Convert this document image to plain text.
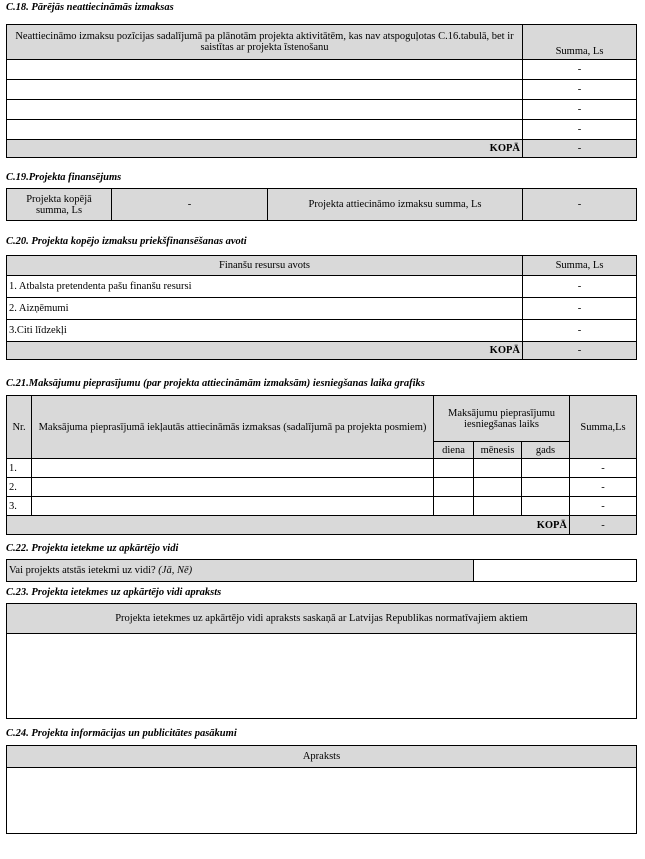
C.18. Pārējās neattiecināmās izmaksas
Neattiecināmo izmaksu pozīcijas sadalījumā pa plānotām projekta aktivitātēm, kas nav atspoguļotas C.16.tabulā, bet ir saistītas ar projekta īstenošanu	Summa, Ls
	-
	-
	-
	-
KOPĀ	-
C.19.Projekta finansējums
Projekta kopējā summa, Ls	-	Projekta attiecināmo izmaksu summa, Ls	-
C.20. Projekta kopējo izmaksu priekšfinansēšanas avoti
Finanšu resursu avots	Summa, Ls
1. Atbalsta pretendenta pašu finanšu resursi	-
2. Aizņēmumi	-
3.Citi līdzekļi	-
KOPĀ	-
C.21.Maksājumu pieprasījumu (par projekta attiecināmām izmaksām) iesniegšanas laika grafiks
Nr.	Maksājuma pieprasījumā iekļautās attiecināmās izmaksas (sadalījumā pa projekta posmiem)	Maksājumu pieprasījumu iesniegšanas laiks			Summa,Ls
		diena	mēnesis	gads	
1.					-
2.					-
3.					-
KOPĀ					-
C.22. Projekta ietekme uz apkārtējo vidi
Vai projekts atstās ietekmi uz vidi? (Jā, Nē)	
C.23. Projekta ietekmes uz apkārtējo vidi apraksts
Projekta ietekmes uz apkārtējo vidi apraksts saskaņā ar Latvijas Republikas normatīvajiem aktiem

C.24. Projekta informācijas un publicitātes pasākumi
Apraksts
